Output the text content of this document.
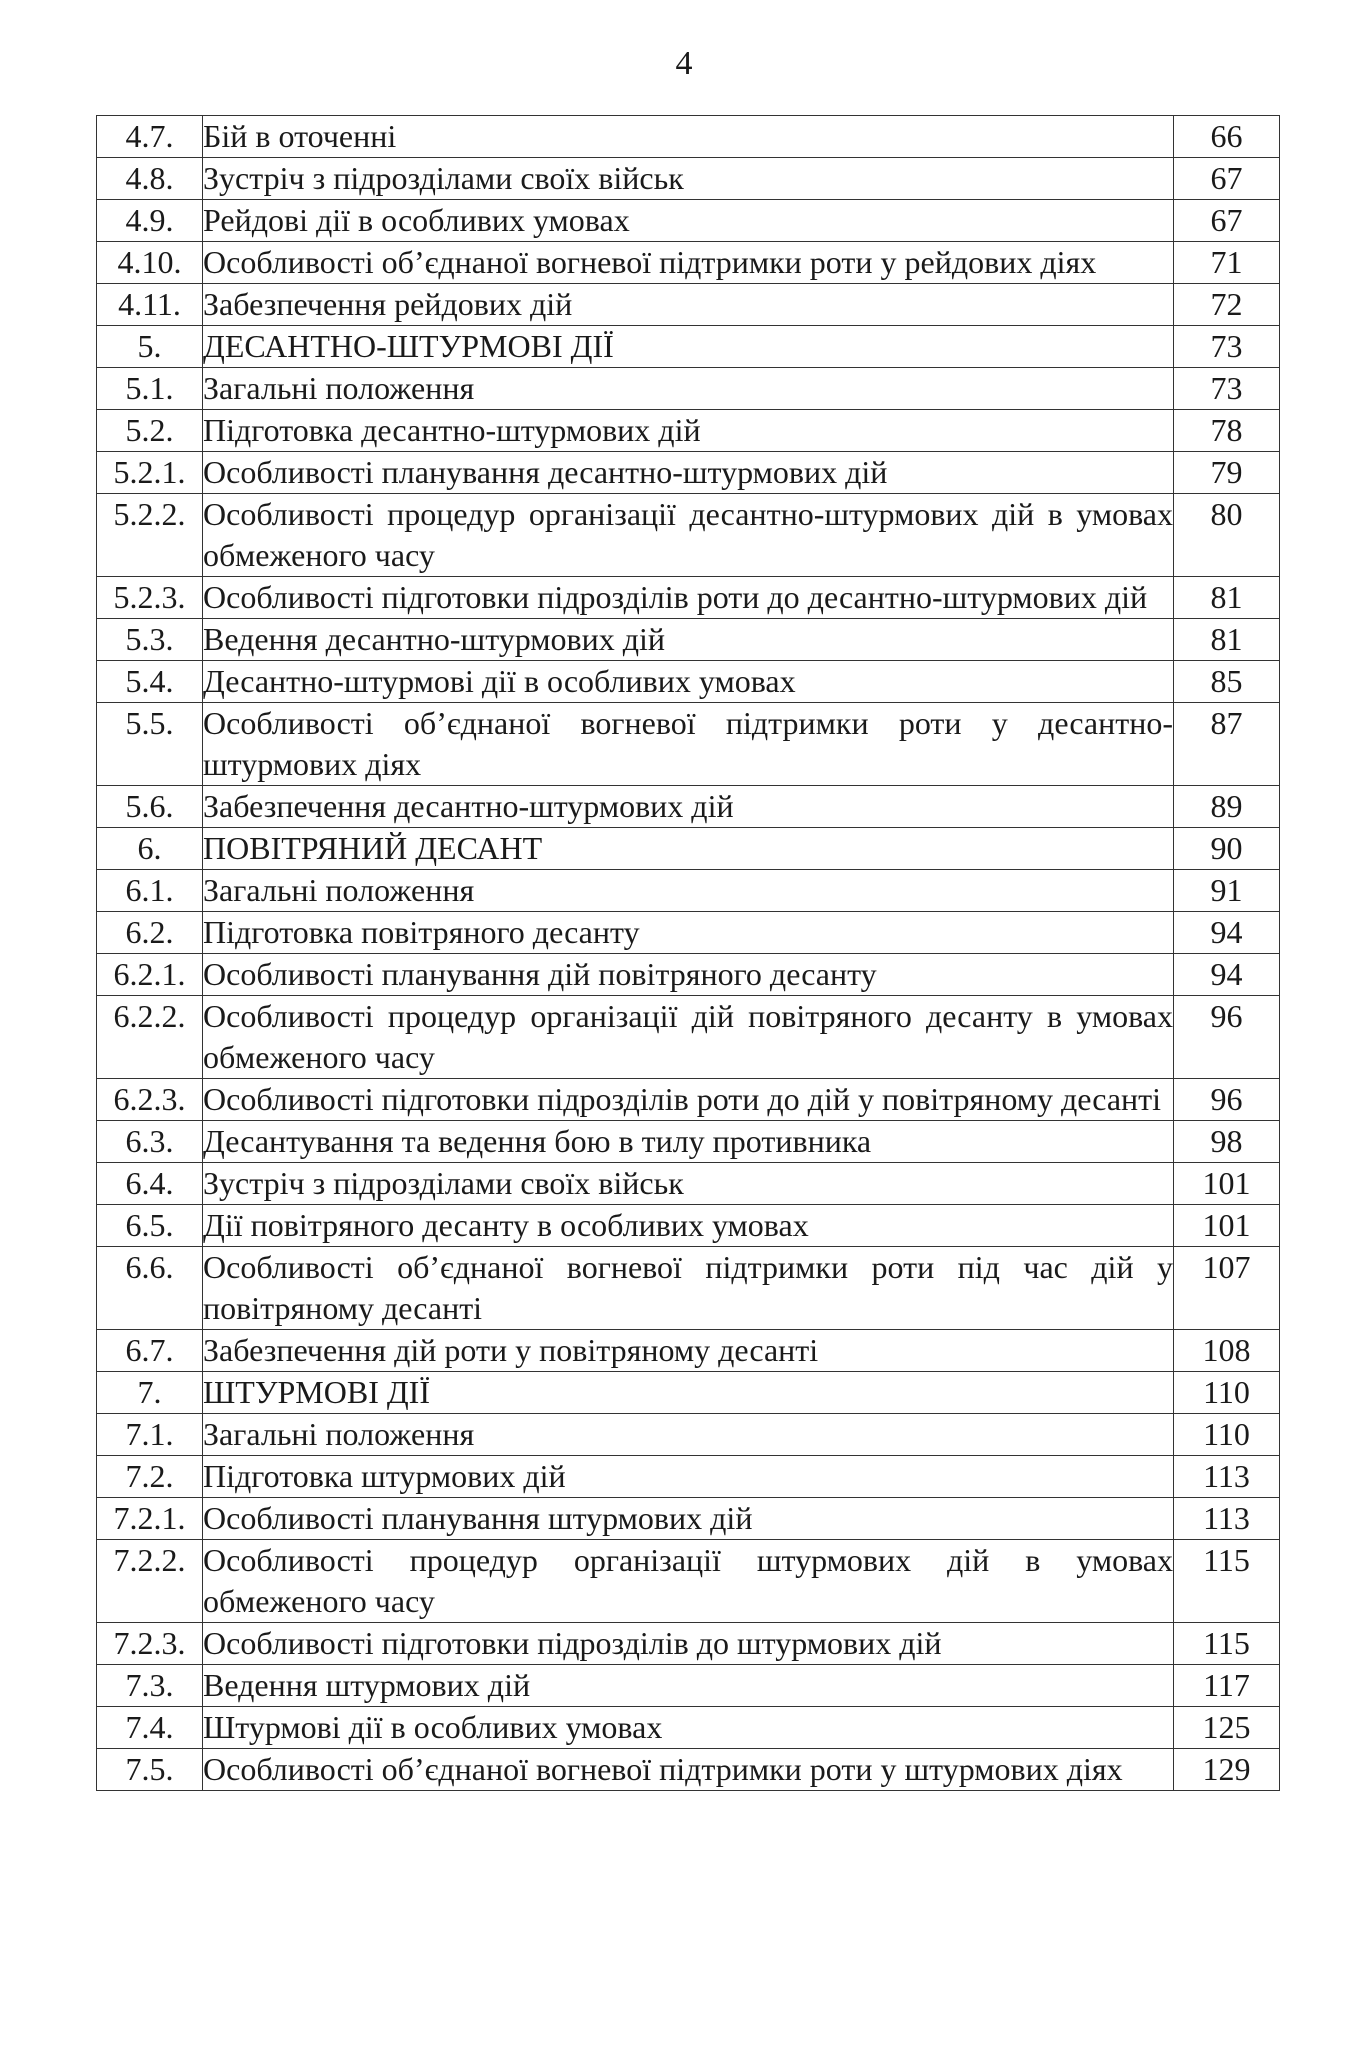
4
4.7.	Бій в оточенні	66
4.8.	Зустріч з підрозділами своїх військ	67
4.9.	Рейдові дії в особливих умовах	67
4.10.	Особливості об’єднаної вогневої підтримки роти у рейдових діях	71
4.11.	Забезпечення рейдових дій	72
5.	ДЕСАНТНО-ШТУРМОВІ ДІЇ	73
5.1.	Загальні положення	73
5.2.	Підготовка десантно-штурмових дій	78
5.2.1.	Особливості планування десантно-штурмових дій	79
5.2.2.	Особливості процедур організації десантно-штурмових дій в умовах обмеженого часу	80
5.2.3.	Особливості підготовки підрозділів роти до десантно-штурмових дій	81
5.3.	Ведення десантно-штурмових дій	81
5.4.	Десантно-штурмові дії в особливих умовах	85
5.5.	Особливості об’єднаної вогневої підтримки роти у десантно-штурмових діях	87
5.6.	Забезпечення десантно-штурмових дій	89
6.	ПОВІТРЯНИЙ ДЕСАНТ	90
6.1.	Загальні положення	91
6.2.	Підготовка повітряного десанту	94
6.2.1.	Особливості планування дій повітряного десанту	94
6.2.2.	Особливості процедур організації дій повітряного десанту в умовах обмеженого часу	96
6.2.3.	Особливості підготовки підрозділів роти до дій у повітряному десанті	96
6.3.	Десантування та ведення бою в тилу противника	98
6.4.	Зустріч з підрозділами своїх військ	101
6.5.	Дії повітряного десанту в особливих умовах	101
6.6.	Особливості об’єднаної вогневої підтримки роти під час дій у повітряному десанті	107
6.7.	Забезпечення дій роти у повітряному десанті	108
7.	ШТУРМОВІ ДІЇ	110
7.1.	Загальні положення	110
7.2.	Підготовка штурмових дій	113
7.2.1.	Особливості планування штурмових дій	113
7.2.2.	Особливості процедур організації штурмових дій в умовах обмеженого часу	115
7.2.3.	Особливості підготовки підрозділів до штурмових дій	115
7.3.	Ведення штурмових дій	117
7.4.	Штурмові дії в особливих умовах	125
7.5.	Особливості об’єднаної вогневої підтримки роти у штурмових діях	129
